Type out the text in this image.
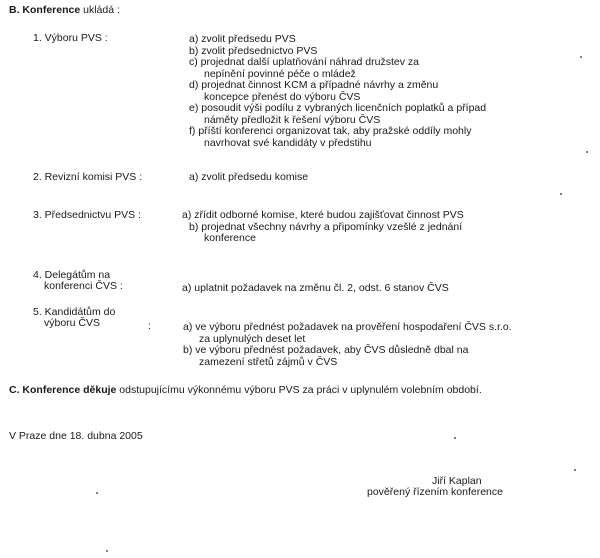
B. Konference ukládá :
1. Výboru PVS :	a) zvolit předsedu PVS
b) zvolit předsednictvo PVS
c) projednat další uplatňování náhrad družstev za
nepínění povinné péče o mládež
d) projednat činnost KCM a případné návrhy a změnu
koncepce přenést do výboru ČVS
e) posoudit výši podílu z vybraných licenčních poplatků a případ
náměty předložit k řešení výboru ČVS
f) příští konferenci organizovat tak, aby pražské oddíly mohly
navrhovat své kandidáty v předstihu
2. Revizní komisi PVS :	a) zvolit předsedu komise
3. Předsednictvu PVS :	a) zřídit odborné komise, které budou zajišťovat činnost PVS
b) projednat všechny návrhy a připomínky vzešlé z jednání
konference
4. Delegátům na
konferenci ČVS :	a) uplatnit požadavek na změnu čl. 2, odst. 6 stanov ČVS
5. Kandidátům do
výboru ČVS	:	a) ve výboru přednést požadavek na prověření hospodaření ČVS s.r.o.
za uplynulých deset let
b) ve výboru přednést požadavek, aby ČVS důsledně dbal na
zamezení střetů zájmů v ČVS
C. Konference děkuje odstupujícímu výkonnému výboru PVS za práci v uplynulém volebním období.
V Praze dne 18. dubna 2005
Jiří Kaplan
pověřený řízením konference
